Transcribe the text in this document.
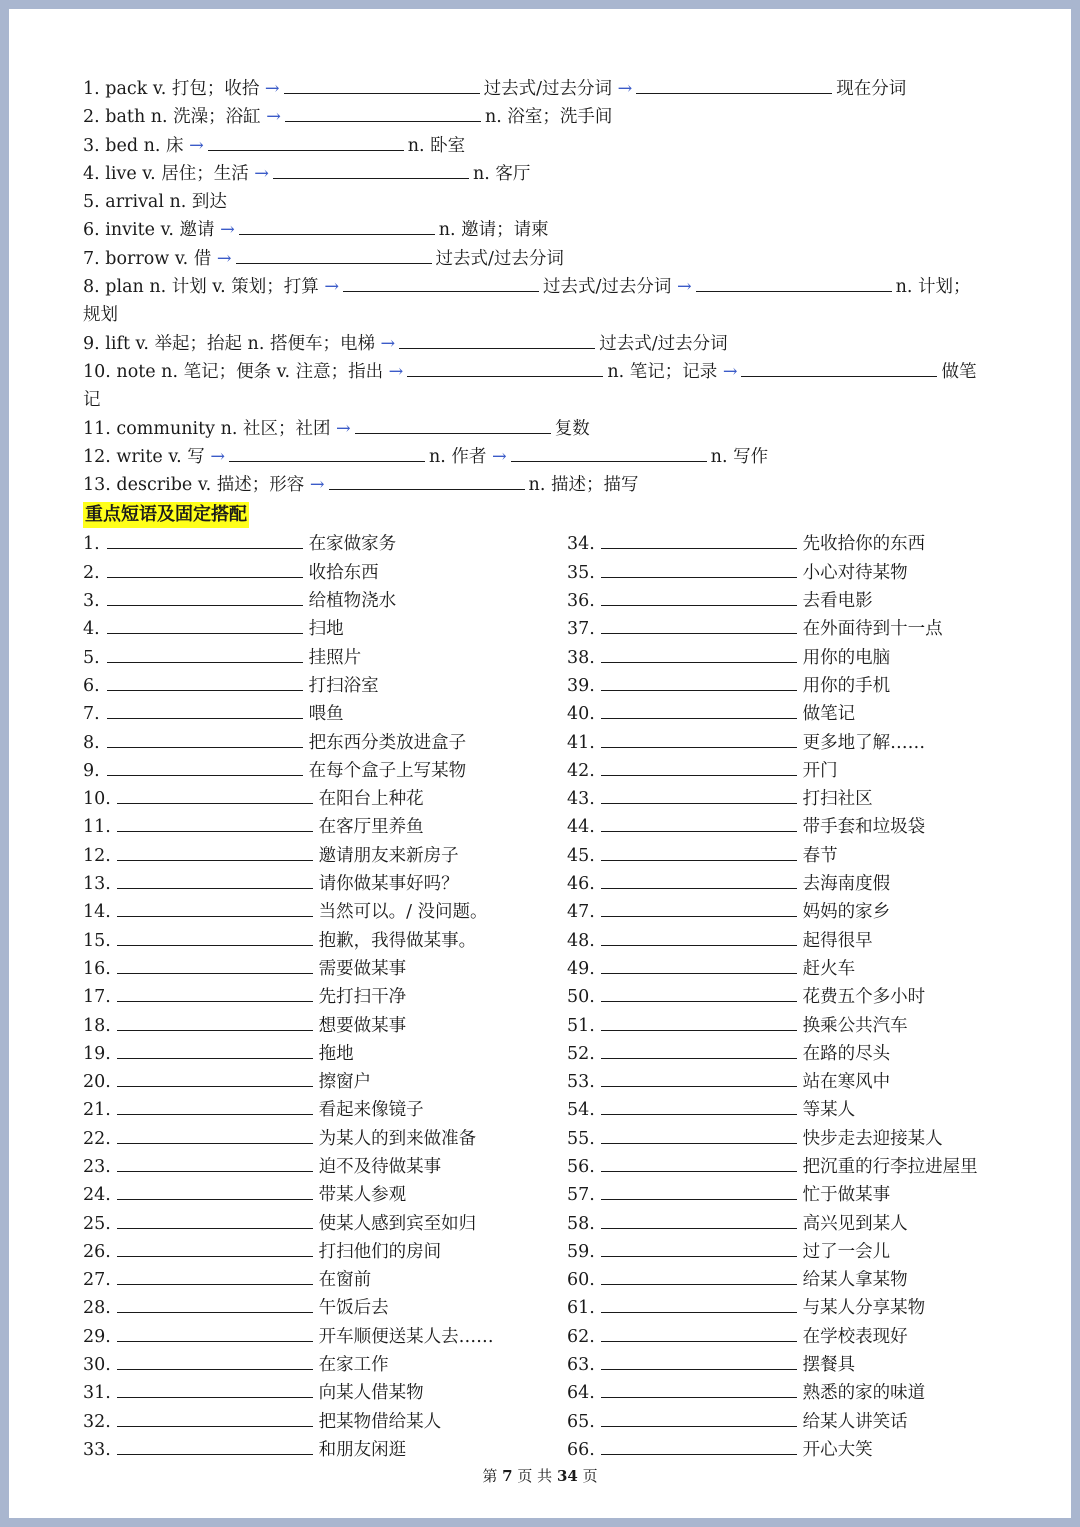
1. pack v. 打包；收拾 →	过去式/过去分词 →	现在分词
2. bath n. 洗澡；浴缸 →	n. 浴室；洗手间
3. bed n. 床 →	n. 卧室
4. live v. 居住；生活 →	n. 客厅
5. arrival n. 到达
6. invite v. 邀请 →	n. 邀请；请柬
7. borrow v. 借 →	过去式/过去分词
8. plan n. 计划 v. 策划；打算 →	过去式/过去分词 →	n. 计划；
规划
9. lift v. 举起；抬起 n. 搭便车；电梯 →	过去式/过去分词
10. note n. 笔记；便条 v. 注意；指出 →	n. 笔记；记录 →	做笔
记
11. community n. 社区；社团 →	复数
12. write v. 写 →	n. 作者 →	n. 写作
13. describe v. 描述；形容 →	n. 描述；描写
重点短语及固定搭配
1.	在家做家务
2.	收拾东西
3.	给植物浇水
4.	扫地
5.	挂照片
6.	打扫浴室
7.	喂鱼
8.	把东西分类放进盒子
9.	在每个盒子上写某物
10.	在阳台上种花
11.	在客厅里养鱼
12.	邀请朋友来新房子
13.	请你做某事好吗？
14.	当然可以。/ 没问题。
15.	抱歉，我得做某事。
16.	需要做某事
17.	先打扫干净
18.	想要做某事
19.	拖地
20.	擦窗户
21.	看起来像镜子
22.	为某人的到来做准备
23.	迫不及待做某事
24.	带某人参观
25.	使某人感到宾至如归
26.	打扫他们的房间
27.	在窗前
28.	午饭后去
29.	开车顺便送某人去……
30.	在家工作
31.	向某人借某物
32.	把某物借给某人
33.	和朋友闲逛
34.	先收拾你的东西
35.	小心对待某物
36.	去看电影
37.	在外面待到十一点
38.	用你的电脑
39.	用你的手机
40.	做笔记
41.	更多地了解……
42.	开门
43.	打扫社区
44.	带手套和垃圾袋
45.	春节
46.	去海南度假
47.	妈妈的家乡
48.	起得很早
49.	赶火车
50.	花费五个多小时
51.	换乘公共汽车
52.	在路的尽头
53.	站在寒风中
54.	等某人
55.	快步走去迎接某人
56.	把沉重的行李拉进屋里
57.	忙于做某事
58.	高兴见到某人
59.	过了一会儿
60.	给某人拿某物
61.	与某人分享某物
62.	在学校表现好
63.	摆餐具
64.	熟悉的家的味道
65.	给某人讲笑话
66.	开心大笑
第 7 页 共 34 页
